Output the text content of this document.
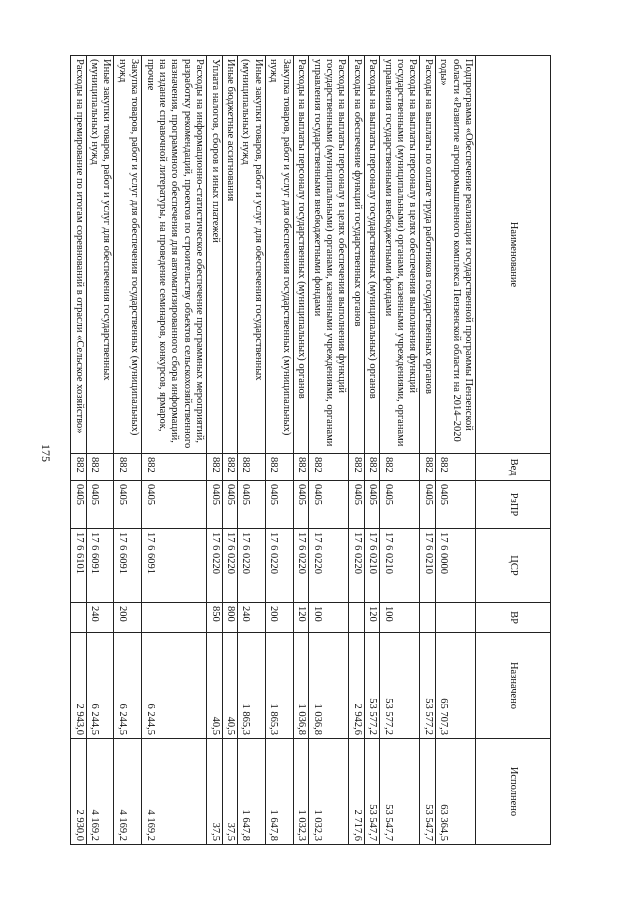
175
Наименование	Вед	РзПР	ЦСР	ВР	Назначено	Исполнено
Подпрограмма «Обеспечение реализации государственной программы Пензенской области «Развитие агропромышленного комплекса Пензенской области на 2014–2020 годы»	882	0405	17 6 0000		65 707,3	63 364,5
Расходы на выплаты по оплате труда работников государственных органов	882	0405	17 6 0210		53 577,2	53 547,7
Расходы на выплаты персоналу в целях обеспечения выполнения функций государственными (муниципальными) органами, казенными учреждениями, органами управления государственными внебюджетными фондами	882	0405	17 6 0210	100	53 577,2	53 547,7
Расходы на выплаты персоналу государственных (муниципальных) органов	882	0405	17 6 0210	120	53 577,2	53 547,7
Расходы на обеспечение функций государственных органов	882	0405	17 6 0220		2 942,6	2 717,6
Расходы на выплаты персоналу в целях обеспечения выполнения функций государственными (муниципальными) органами, казенными учреждениями, органами управления государственными внебюджетными фондами	882	0405	17 6 0220	100	1 036,8	1 032,3
Расходы на выплаты персоналу государственных (муниципальных) органов	882	0405	17 6 0220	120	1 036,8	1 032,3
Закупка товаров, работ и услуг для обеспечения государственных (муниципальных) нужд	882	0405	17 6 0220	200	1 865,3	1 647,8
Иные закупки товаров, работ и услуг для обеспечения государственных (муниципальных) нужд	882	0405	17 6 0220	240	1 865,3	1 647,8
Иные бюджетные ассигнования	882	0405	17 6 0220	800	40,5	37,5
Уплата налогов, сборов и иных платежей	882	0405	17 6 0220	850	40,5	37,5
Расходы на информационно-статистическое обеспечение программных мероприятий, разработку рекомендаций, проектов по строительству объектов сельскохозяйственного назначения, программного обеспечения для автоматизированного сбора информаций, на издание справочной литературы, на проведение семинаров, конкурсов, ярмарок, прочие	882	0405	17 6 6091		6 244,5	4 169,2
Закупка товаров, работ и услуг для обеспечения государственных (муниципальных) нужд	882	0405	17 6 6091	200	6 244,5	4 169,2
Иные закупки товаров, работ и услуг для обеспечения государственных (муниципальных) нужд	882	0405	17 6 6091	240	6 244,5	4 169,2
Расходы на премирование по итогам соревнований в отрасли «Сельское хозяйство»	882	0405	17 6 6101		2 943,0	2 930,0
